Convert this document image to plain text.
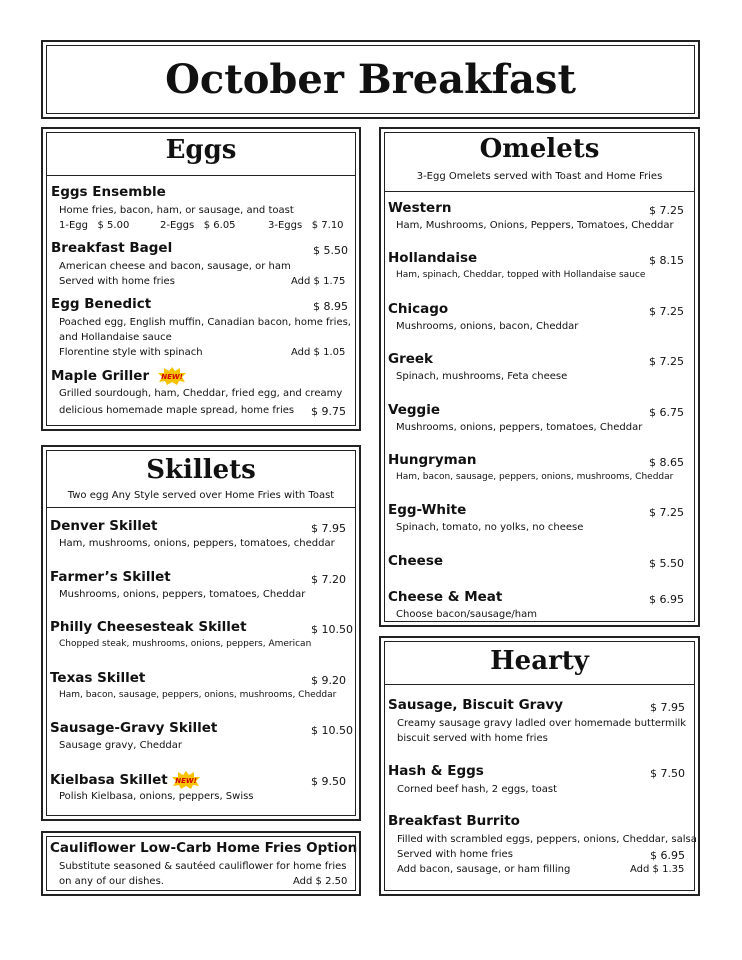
October Breakfast
Eggs
Eggs Ensemble
Home fries, bacon, ham, or sausage, and toast
1-Egg   $ 5.00	2-Eggs   $ 6.05	3-Eggs   $ 7.10
Breakfast Bagel	$ 5.50
American cheese and bacon, sausage, or ham
Served with home fries	Add $ 1.75
Egg Benedict	$ 8.95
Poached egg, English muffin, Canadian bacon, home fries,
and Hollandaise sauce
Florentine style with spinach	Add $ 1.05
Maple Griller NEW!
Grilled sourdough, ham, Cheddar, fried egg, and creamy
delicious homemade maple spread, home fries $ 9.75
Skillets
Two egg Any Style served over Home Fries with Toast
Denver Skillet	$ 7.95
Ham, mushrooms, onions, peppers, tomatoes, cheddar
Farmer’s Skillet	$ 7.20
Mushrooms, onions, peppers, tomatoes, Cheddar
Philly Cheesesteak Skillet	$ 10.50
Chopped steak, mushrooms, onions, peppers, American
Texas Skillet	$ 9.20
Ham, bacon, sausage, peppers, onions, mushrooms, Cheddar
Sausage-Gravy Skillet	$ 10.50
Sausage gravy, Cheddar
Kielbasa Skillet NEW!	$ 9.50
Polish Kielbasa, onions, peppers, Swiss
Cauliflower Low-Carb Home Fries Option
Substitute seasoned & sautéed cauliflower for home fries
on any of our dishes.	Add $ 2.50
Omelets
3-Egg Omelets served with Toast and Home Fries
Western	$ 7.25
Ham, Mushrooms, Onions, Peppers, Tomatoes, Cheddar
Hollandaise	$ 8.15
Ham, spinach, Cheddar, topped with Hollandaise sauce
Chicago	$ 7.25
Mushrooms, onions, bacon, Cheddar
Greek	$ 7.25
Spinach, mushrooms, Feta cheese
Veggie	$ 6.75
Mushrooms, onions, peppers, tomatoes, Cheddar
Hungryman	$ 8.65
Ham, bacon, sausage, peppers, onions, mushrooms, Cheddar
Egg-White	$ 7.25
Spinach, tomato, no yolks, no cheese
Cheese	$ 5.50
Cheese & Meat	$ 6.95
Choose bacon/sausage/ham
Hearty
Sausage, Biscuit Gravy	$ 7.95
Creamy sausage gravy ladled over homemade buttermilk
biscuit served with home fries
Hash & Eggs	$ 7.50
Corned beef hash, 2 eggs, toast
Breakfast Burrito
Filled with scrambled eggs, peppers, onions, Cheddar, salsa
Served with home fries	$ 6.95
Add bacon, sausage, or ham filling	Add $ 1.35
